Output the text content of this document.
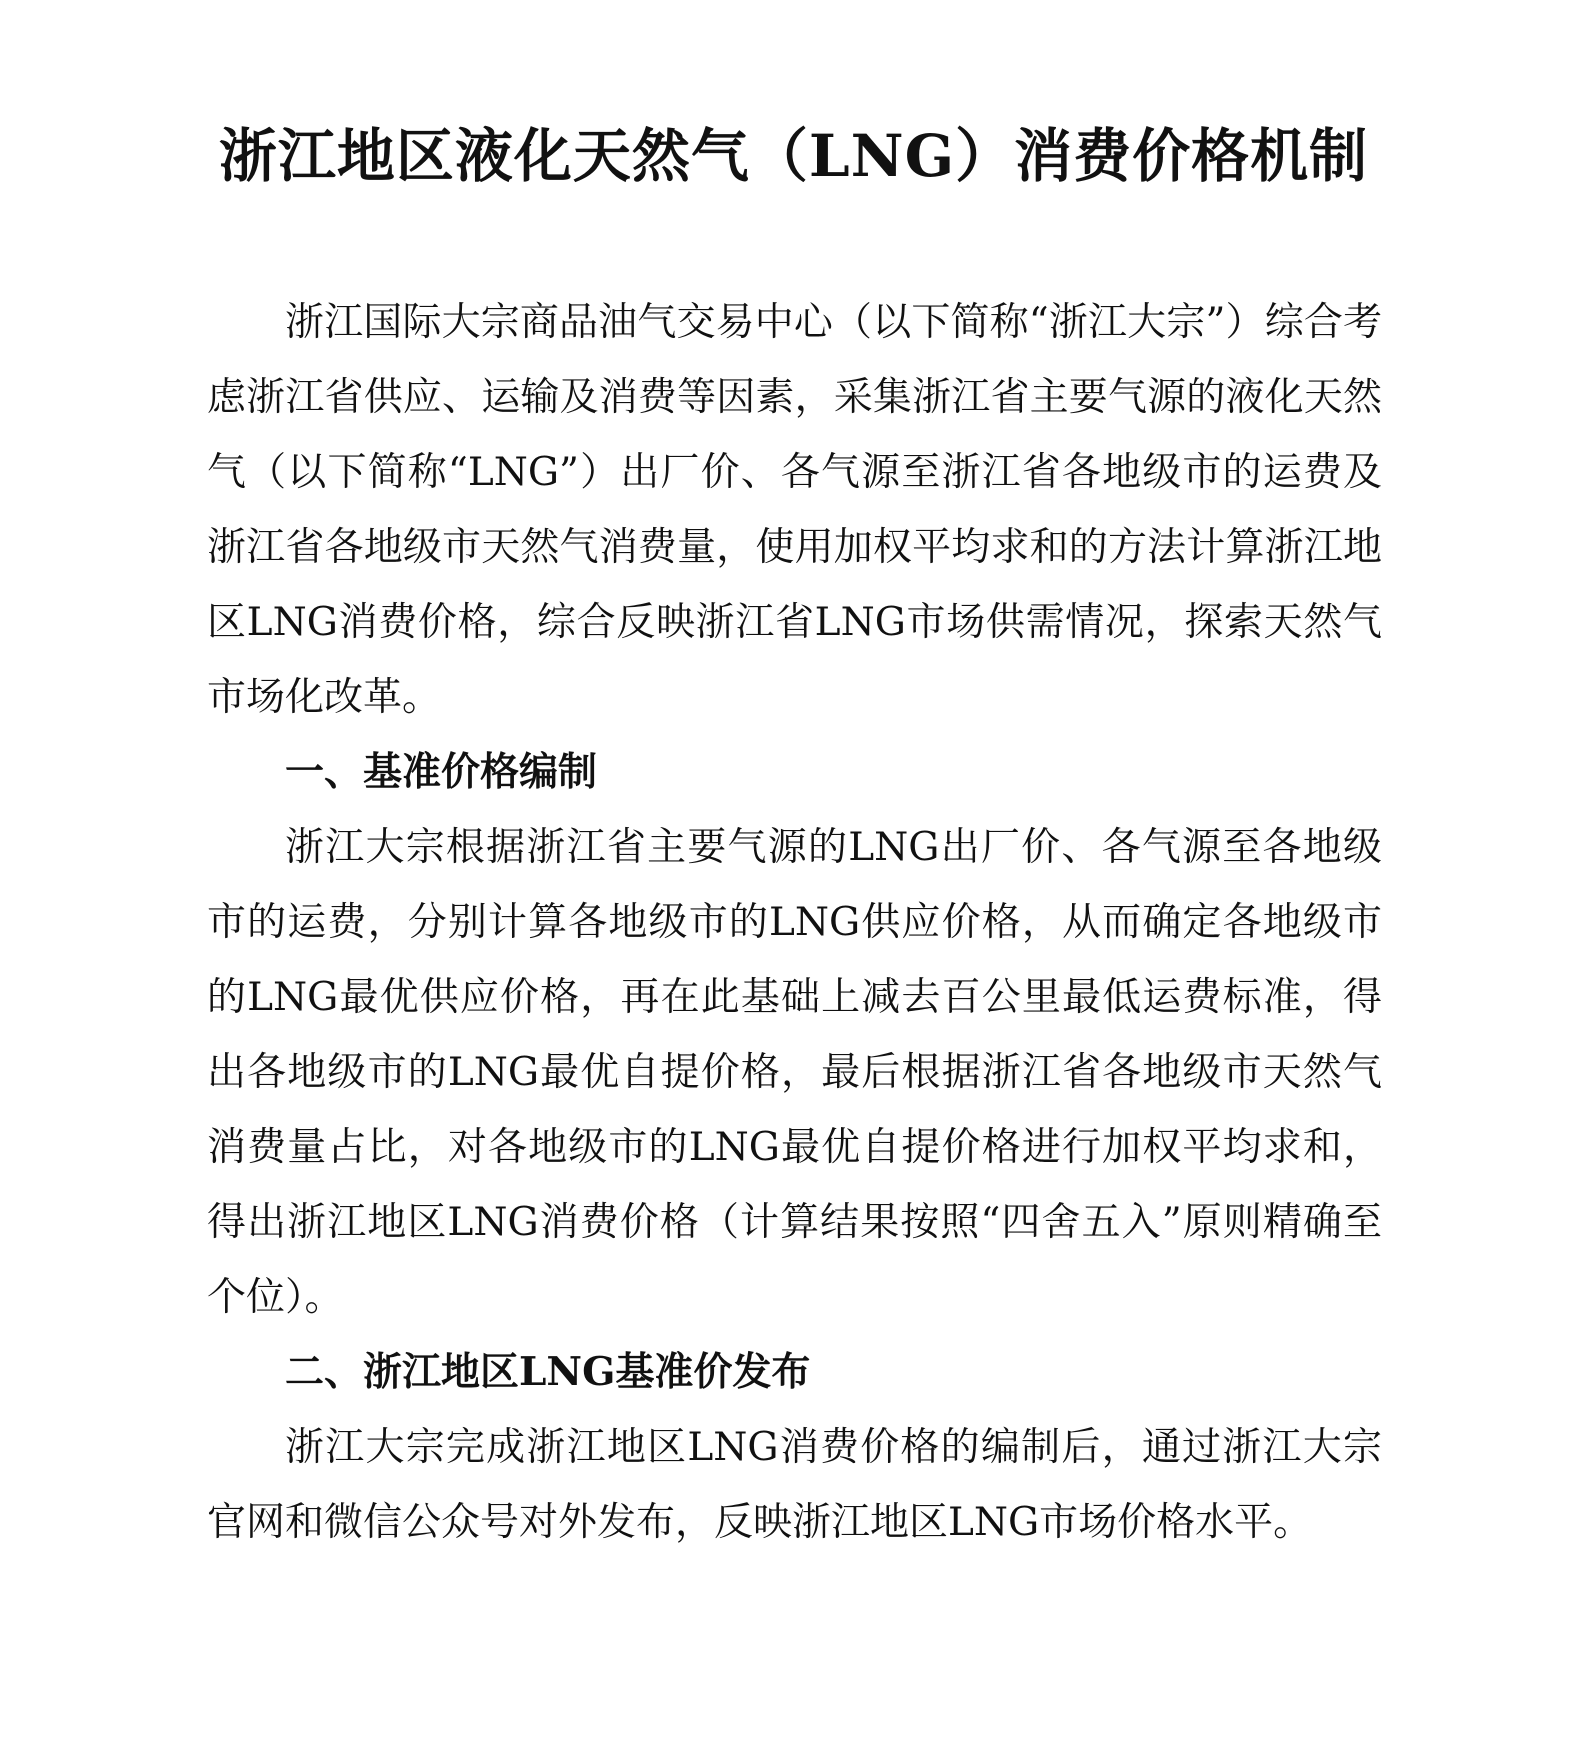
浙江地区液化天然气（LNG）消费价格机制

浙江国际大宗商品油气交易中心（以下简称“浙江大宗”）综合考虑浙江省供应、运输及消费等因素，采集浙江省主要气源的液化天然气（以下简称“LNG”）出厂价、各气源至浙江省各地级市的运费及浙江省各地级市天然气消费量，使用加权平均求和的方法计算浙江地区LNG消费价格，综合反映浙江省LNG市场供需情况，探索天然气市场化改革。

一、基准价格编制

浙江大宗根据浙江省主要气源的LNG出厂价、各气源至各地级市的运费，分别计算各地级市的LNG供应价格，从而确定各地级市的LNG最优供应价格，再在此基础上减去百公里最低运费标准，得出各地级市的LNG最优自提价格，最后根据浙江省各地级市天然气消费量占比，对各地级市的LNG最优自提价格进行加权平均求和，得出浙江地区LNG消费价格（计算结果按照“四舍五入”原则精确至个位）。

二、浙江地区LNG基准价发布

浙江大宗完成浙江地区LNG消费价格的编制后，通过浙江大宗官网和微信公众号对外发布，反映浙江地区LNG市场价格水平。
